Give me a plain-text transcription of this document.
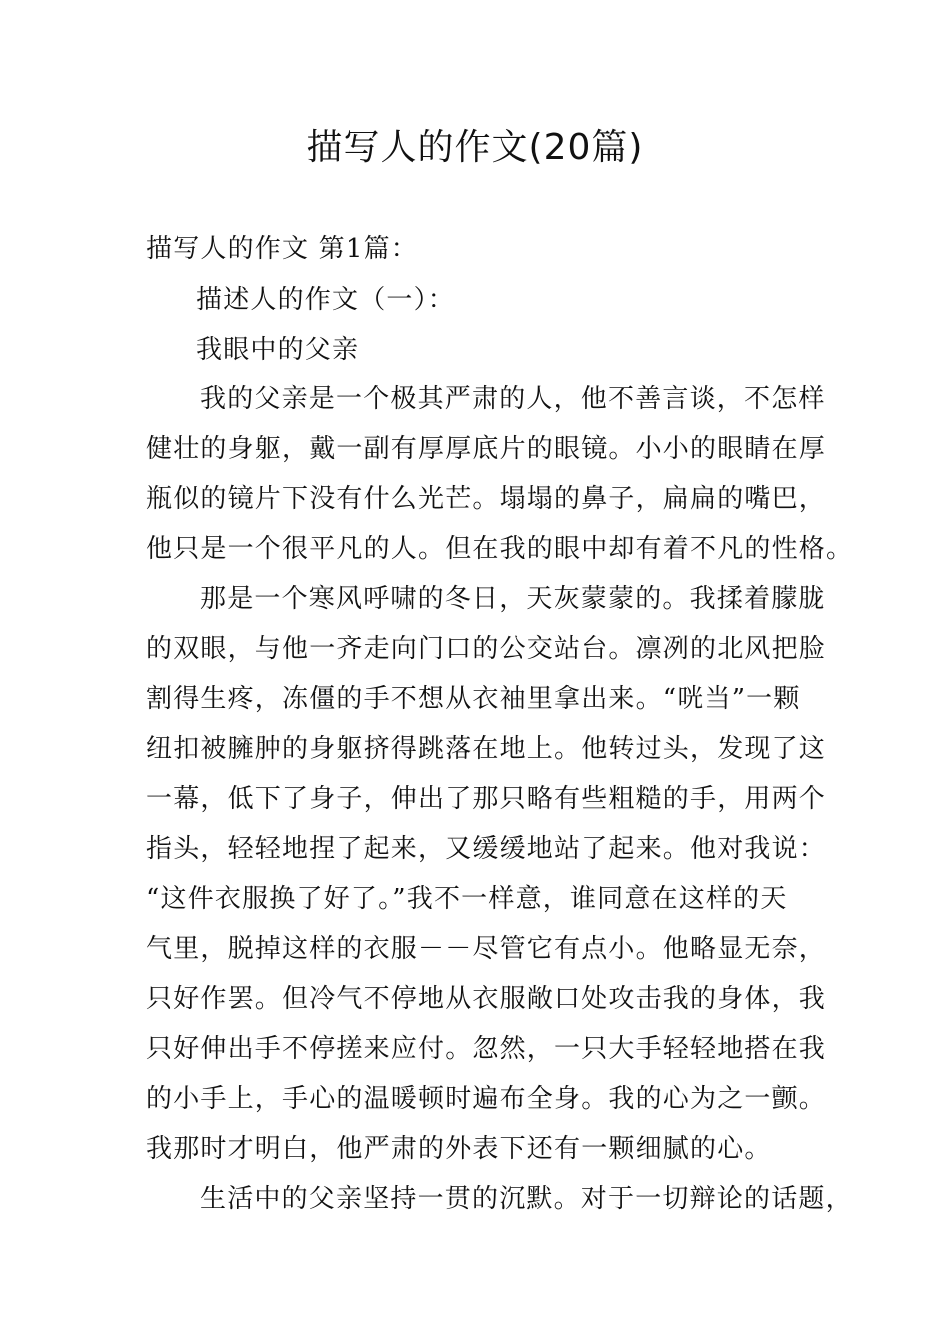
描写人的作文(20篇)
描写人的作文 第1篇：
描述人的作文（一）：
我眼中的父亲
我的父亲是一个极其严肃的人，他不善言谈，不怎样
健壮的身躯，戴一副有厚厚底片的眼镜。小小的眼睛在厚
瓶似的镜片下没有什么光芒。塌塌的鼻子，扁扁的嘴巴，
他只是一个很平凡的人。但在我的眼中却有着不凡的性格。
那是一个寒风呼啸的冬日，天灰蒙蒙的。我揉着朦胧
的双眼，与他一齐走向门口的公交站台。凛冽的北风把脸
割得生疼，冻僵的手不想从衣袖里拿出来。“咣当”一颗
纽扣被臃肿的身躯挤得跳落在地上。他转过头，发现了这
一幕，低下了身子，伸出了那只略有些粗糙的手，用两个
指头，轻轻地捏了起来，又缓缓地站了起来。他对我说：
“这件衣服换了好了。”我不一样意，谁同意在这样的天
气里，脱掉这样的衣服－－尽管它有点小。他略显无奈，
只好作罢。但冷气不停地从衣服敞口处攻击我的身体，我
只好伸出手不停搓来应付。忽然，一只大手轻轻地搭在我
的小手上，手心的温暖顿时遍布全身。我的心为之一颤。
我那时才明白，他严肃的外表下还有一颗细腻的心。
生活中的父亲坚持一贯的沉默。对于一切辩论的话题，
